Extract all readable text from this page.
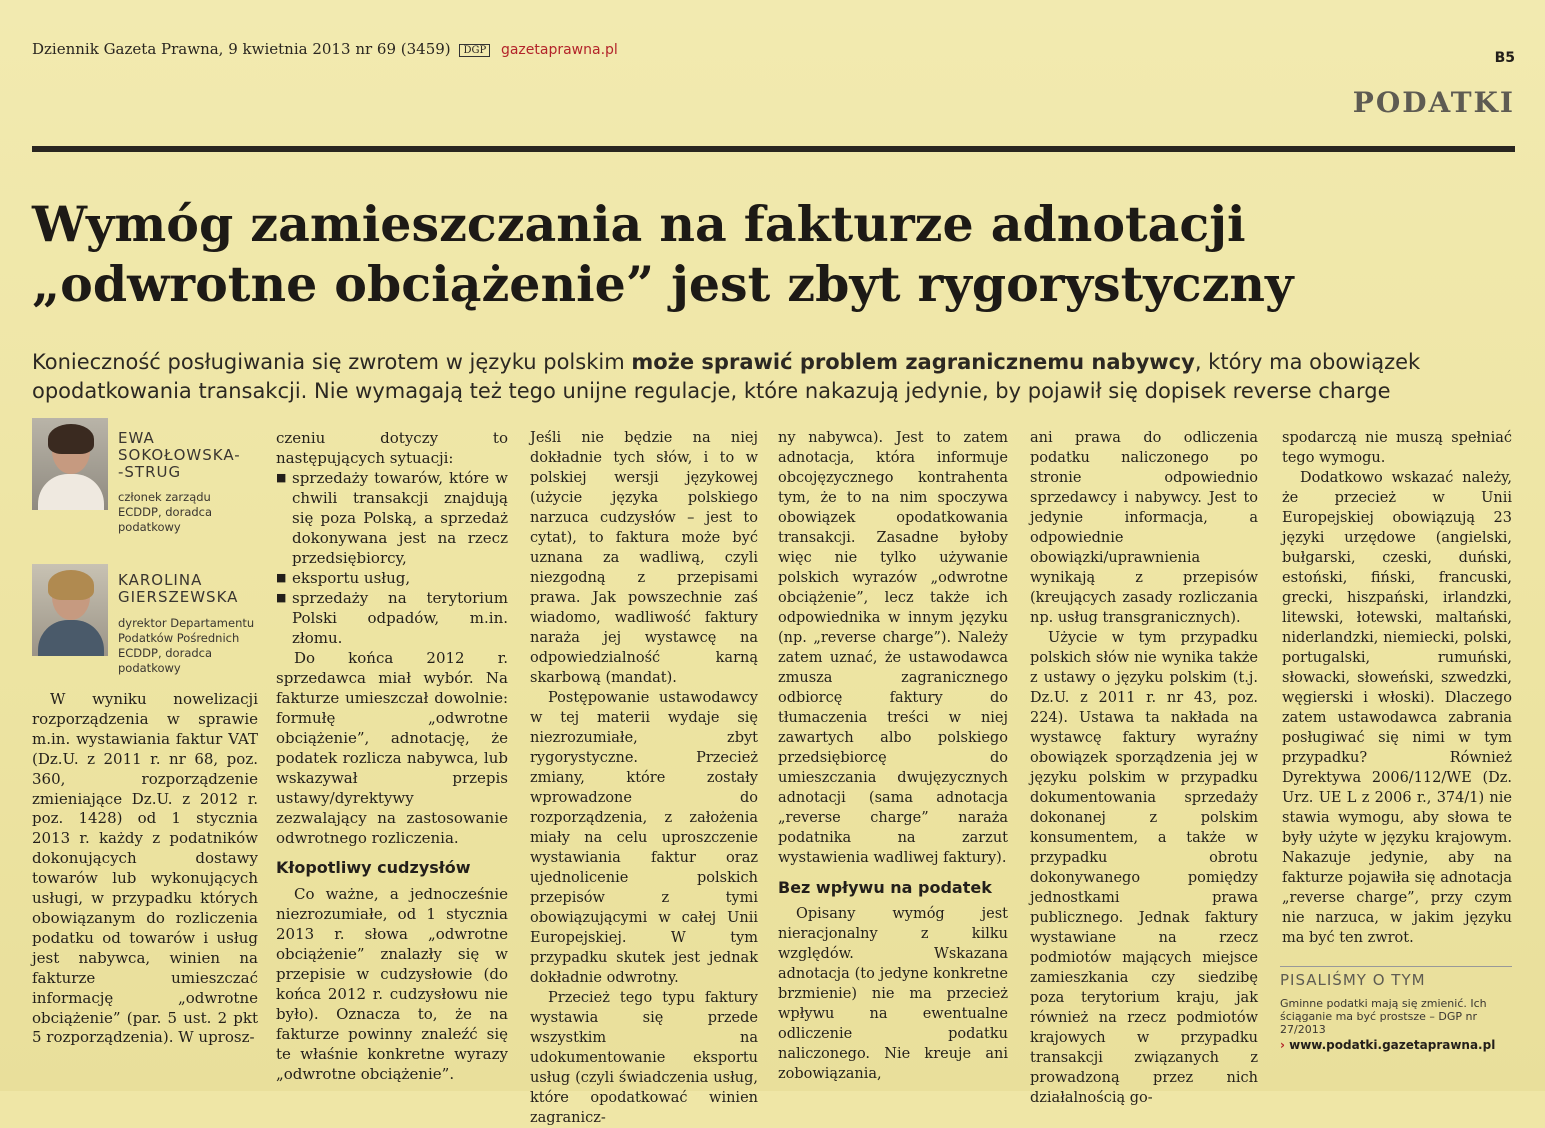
Dziennik Gazeta Prawna, 9 kwietnia 2013 nr 69 (3459) DGP gazetaprawna.pl	B5
PODATKI
Wymóg zamieszczania na fakturze adnotacji
„odwrotne obciążenie” jest zbyt rygorystyczny

Konieczność posługiwania się zwrotem w języku polskim może sprawić problem zagranicznemu nabywcy, który ma obowiązek opodatkowania transakcji. Nie wymagają też tego unijne regulacje, które nakazują jedynie, by pojawił się dopisek reverse charge

EWA
SOKOŁOWSKA-
-STRUG
członek zarządu ECDDP, doradca podatkowy
KAROLINA
GIERSZEWSKA
dyrektor Departamentu Podatków Pośrednich ECDDP, doradca podatkowy

W wyniku nowelizacji rozporządzenia w sprawie m.in. wystawiania faktur VAT (Dz.U. z 2011 r. nr 68, poz. 360, rozporządzenie zmieniające Dz.U. z 2012 r. poz. 1428) od 1 stycznia 2013 r. każdy z podatników dokonujących dostawy towarów lub wykonujących usługi, w przypadku których obowiązanym do rozliczenia podatku od towarów i usług jest nabywca, winien na fakturze umieszczać informację „odwrotne obciążenie” (par. 5 ust. 2 pkt 5 rozporządzenia). W uprosz-

czeniu dotyczy to następujących sytuacji:

■ sprzedaży towarów, które w chwili transakcji znajdują się poza Polską, a sprzedaż dokonywana jest na rzecz przedsiębiorcy,
■ eksportu usług,
■ sprzedaży na terytorium Polski odpadów, m.in. złomu.

Do końca 2012 r. sprzedawca miał wybór. Na fakturze umieszczał dowolnie: formułę „odwrotne obciążenie”, adnotację, że podatek rozlicza nabywca, lub wskazywał przepis ustawy/dyrektywy zezwalający na zastosowanie odwrotnego rozliczenia.

Kłopotliwy cudzysłów

Co ważne, a jednocześnie niezrozumiałe, od 1 stycznia 2013 r. słowa „odwrotne obciążenie” znalazły się w przepisie w cudzysłowie (do końca 2012 r. cudzysłowu nie było). Oznacza to, że na fakturze powinny znaleźć się te właśnie konkretne wyrazy „odwrotne obciążenie”.

Jeśli nie będzie na niej dokładnie tych słów, i to w polskiej wersji językowej (użycie języka polskiego narzuca cudzysłów – jest to cytat), to faktura może być uznana za wadliwą, czyli niezgodną z przepisami prawa. Jak powszechnie zaś wiadomo, wadliwość faktury naraża jej wystawcę na odpowiedzialność karną skarbową (mandat).

Postępowanie ustawodawcy w tej materii wydaje się niezrozumiałe, zbyt rygorystyczne. Przecież zmiany, które zostały wprowadzone do rozporządzenia, z założenia miały na celu uproszczenie wystawiania faktur oraz ujednolicenie polskich przepisów z tymi obowiązującymi w całej Unii Europejskiej. W tym przypadku skutek jest jednak dokładnie odwrotny.

Przecież tego typu faktury wystawia się przede wszystkim na udokumentowanie eksportu usług (czyli świadczenia usług, które opodatkować winien zagranicz-

ny nabywca). Jest to zatem adnotacja, która informuje obcojęzycznego kontrahenta tym, że to na nim spoczywa obowiązek opodatkowania transakcji. Zasadne byłoby więc nie tylko używanie polskich wyrazów „odwrotne obciążenie”, lecz także ich odpowiednika w innym języku (np. „reverse charge”). Należy zatem uznać, że ustawodawca zmusza zagranicznego odbiorcę faktury do tłumaczenia treści w niej zawartych albo polskiego przedsiębiorcę do umieszczania dwujęzycznych adnotacji (sama adnotacja „reverse charge” naraża podatnika na zarzut wystawienia wadliwej faktury).

Bez wpływu na podatek

Opisany wymóg jest nieracjonalny z kilku względów. Wskazana adnotacja (to jedyne konkretne brzmienie) nie ma przecież wpływu na ewentualne odliczenie podatku naliczonego. Nie kreuje ani zobowiązania,

ani prawa do odliczenia podatku naliczonego po stronie odpowiednio sprzedawcy i nabywcy. Jest to jedynie informacja, a odpowiednie obowiązki/uprawnienia wynikają z przepisów (kreujących zasady rozliczania np. usług transgranicznych).

Użycie w tym przypadku polskich słów nie wynika także z ustawy o języku polskim (t.j. Dz.U. z 2011 r. nr 43, poz. 224). Ustawa ta nakłada na wystawcę faktury wyraźny obowiązek sporządzenia jej w języku polskim w przypadku dokumentowania sprzedaży dokonanej z polskim konsumentem, a także w przypadku obrotu dokonywanego pomiędzy jednostkami prawa publicznego. Jednak faktury wystawiane na rzecz podmiotów mających miejsce zamieszkania czy siedzibę poza terytorium kraju, jak również na rzecz podmiotów krajowych w przypadku transakcji związanych z prowadzoną przez nich działalnością go-

spodarczą nie muszą spełniać tego wymogu.

Dodatkowo wskazać należy, że przecież w Unii Europejskiej obowiązują 23 języki urzędowe (angielski, bułgarski, czeski, duński, estoński, fiński, francuski, grecki, hiszpański, irlandzki, litewski, łotewski, maltański, niderlandzki, niemiecki, polski, portugalski, rumuński, słowacki, słoweński, szwedzki, węgierski i włoski). Dlaczego zatem ustawodawca zabrania posługiwać się nimi w tym przypadku? Również Dyrektywa 2006/112/WE (Dz. Urz. UE L z 2006 r., 374/1) nie stawia wymogu, aby słowa te były użyte w języku krajowym. Nakazuje jedynie, aby na fakturze pojawiła się adnotacja „reverse charge”, przy czym nie narzuca, w jakim języku ma być ten zwrot.

PISALIŚMY O TYM
Gminne podatki mają się zmienić. Ich ściąganie ma być prostsze – DGP nr 27/2013
› www.podatki.gazetaprawna.pl
